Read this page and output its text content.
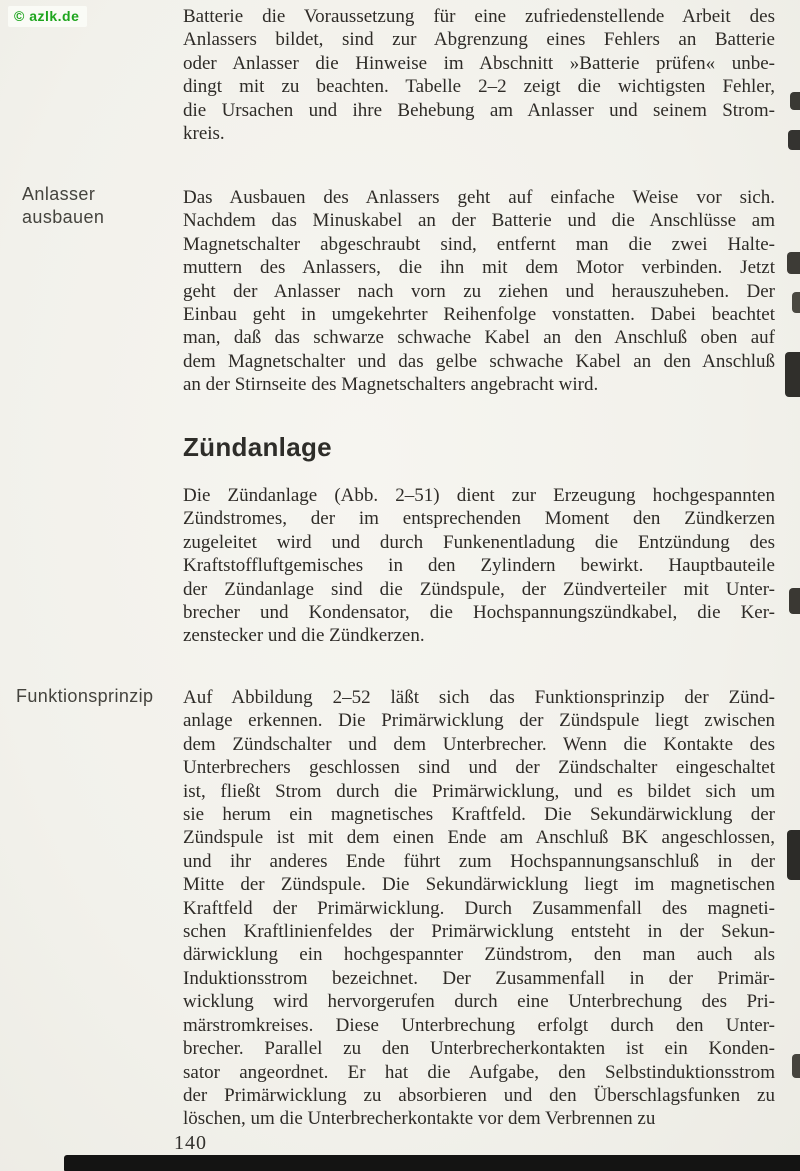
© azlk.de
Anlasser
ausbauen
Funktionsprinzip
Batterie die Voraussetzung für eine zufriedenstellende Arbeit des
Anlassers bildet, sind zur Abgrenzung eines Fehlers an Batterie
oder Anlasser die Hinweise im Abschnitt »Batterie prüfen« unbe-
dingt mit zu beachten. Tabelle 2–2 zeigt die wichtigsten Fehler,
die Ursachen und ihre Behebung am Anlasser und seinem Strom-
kreis.
Das Ausbauen des Anlassers geht auf einfache Weise vor sich.
Nachdem das Minuskabel an der Batterie und die Anschlüsse am
Magnetschalter abgeschraubt sind, entfernt man die zwei Halte-
muttern des Anlassers, die ihn mit dem Motor verbinden. Jetzt
geht der Anlasser nach vorn zu ziehen und herauszuheben. Der
Einbau geht in umgekehrter Reihenfolge vonstatten. Dabei beachtet
man, daß das schwarze schwache Kabel an den Anschluß oben auf
dem Magnetschalter und das gelbe schwache Kabel an den Anschluß
an der Stirnseite des Magnetschalters angebracht wird.
Zündanlage
Die Zündanlage (Abb. 2–51) dient zur Erzeugung hochgespannten
Zündstromes, der im entsprechenden Moment den Zündkerzen
zugeleitet wird und durch Funkenentladung die Entzündung des
Kraftstoffluftgemisches in den Zylindern bewirkt. Hauptbauteile
der Zündanlage sind die Zündspule, der Zündverteiler mit Unter-
brecher und Kondensator, die Hochspannungszündkabel, die Ker-
zenstecker und die Zündkerzen.
Auf Abbildung 2–52 läßt sich das Funktionsprinzip der Zünd-
anlage erkennen. Die Primärwicklung der Zündspule liegt zwischen
dem Zündschalter und dem Unterbrecher. Wenn die Kontakte des
Unterbrechers geschlossen sind und der Zündschalter eingeschaltet
ist, fließt Strom durch die Primärwicklung, und es bildet sich um
sie herum ein magnetisches Kraftfeld. Die Sekundärwicklung der
Zündspule ist mit dem einen Ende am Anschluß BK angeschlossen,
und ihr anderes Ende führt zum Hochspannungsanschluß in der
Mitte der Zündspule. Die Sekundärwicklung liegt im magnetischen
Kraftfeld der Primärwicklung. Durch Zusammenfall des magneti-
schen Kraftlinienfeldes der Primärwicklung entsteht in der Sekun-
därwicklung ein hochgespannter Zündstrom, den man auch als
Induktionsstrom bezeichnet. Der Zusammenfall in der Primär-
wicklung wird hervorgerufen durch eine Unterbrechung des Pri-
märstromkreises. Diese Unterbrechung erfolgt durch den Unter-
brecher. Parallel zu den Unterbrecherkontakten ist ein Konden-
sator angeordnet. Er hat die Aufgabe, den Selbstinduktionsstrom
der Primärwicklung zu absorbieren und den Überschlagsfunken zu
löschen, um die Unterbrecherkontakte vor dem Verbrennen zu
140
